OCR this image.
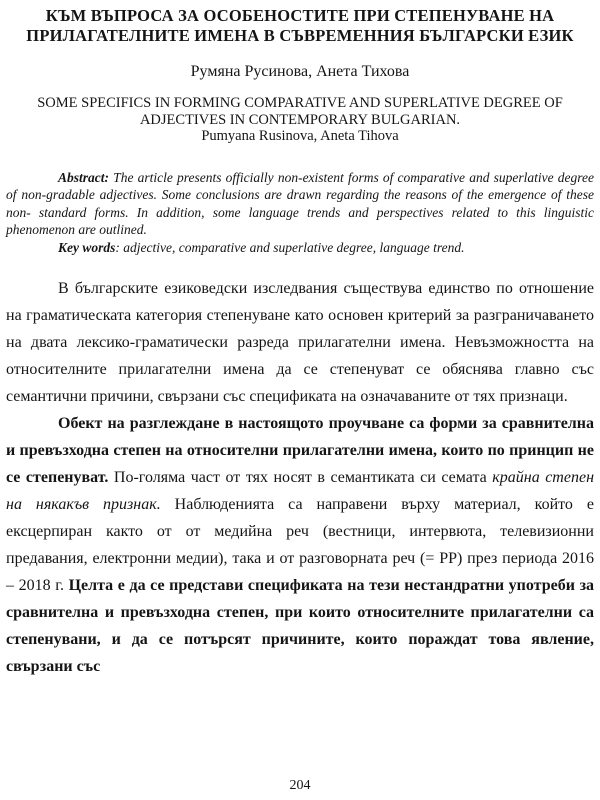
КЪМ ВЪПРОСА ЗА ОСОБЕНОСТИТЕ ПРИ СТЕПЕНУВАНЕ НА ПРИЛАГАТЕЛНИТЕ ИМЕНА В СЪВРЕМЕННИЯ БЪЛГАРСКИ ЕЗИК
Румяна Русинова, Анета Тихова
SOME SPECIFICS IN FORMING COMPARATIVE AND SUPERLATIVE DEGREE OF ADJECTIVES IN CONTEMPORARY BULGARIAN.
Pumyana Rusinova, Aneta Tihova

Abstract: The article presents officially non-existent forms of comparative and superlative degree of non-gradable adjectives. Some conclusions are drawn regarding the reasons of the emergence of these non- standard forms. In addition, some language trends and perspectives related to this linguistic phenomenon are outlined.

Key words: adjective, comparative and superlative degree, language trend.

В българските езиковедски изследвания съществува единство по отношение на граматическата категория степенуване като основен критерий за разграничаването на двата лексико-граматически разреда прилагателни имена. Невъзможността на относителните прилагателни имена да се степенуват се обяснява главно със семантични причини, свързани със спецификата на означаваните от тях признаци.

Обект на разглеждане в настоящото проучване са форми за сравнителна и превъзходна степен на относителни прилагателни имена, които по принцип не се степенуват. По-голяма част от тях носят в семантиката си семата крайна степен на някакъв признак. Наблюденията са направени върху материал, който е ексцерпиран както от от медийна реч (вестници, интервюта, телевизионни предавания, електронни медии), така и от разговорната реч (= РР) през периода 2016 – 2018 г. Целта е да се представи спецификата на тези нестандратни употреби за сравнителна и превъзходна степен, при които относителните прилагателни са степенувани, и да се потърсят причините, които пораждат това явление, свързани със

204
